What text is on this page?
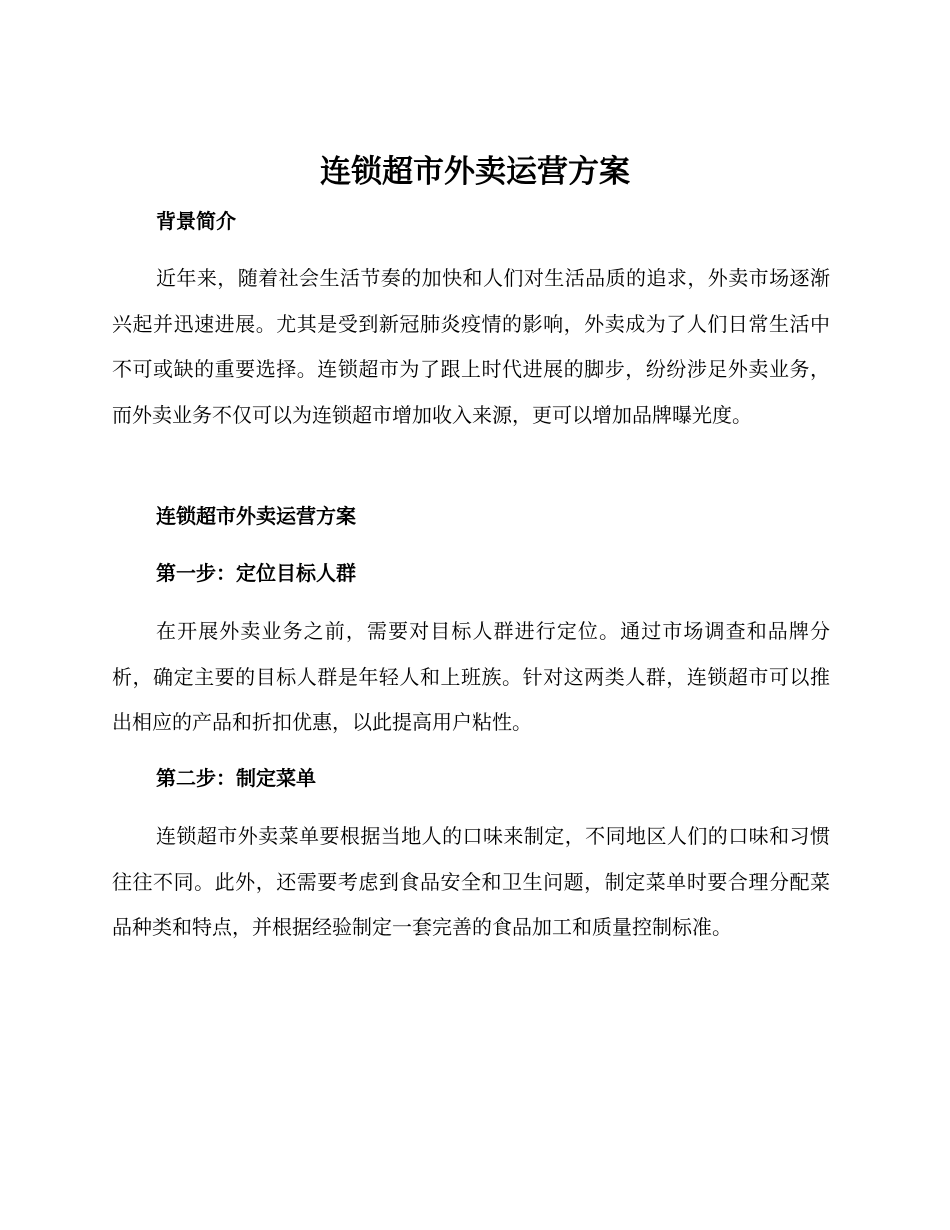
连锁超市外卖运营方案
背景简介

近年来，随着社会生活节奏的加快和人们对生活品质的追求，外卖市场逐渐兴起并迅速进展。尤其是受到新冠肺炎疫情的影响，外卖成为了人们日常生活中不可或缺的重要选择。连锁超市为了跟上时代进展的脚步，纷纷涉足外卖业务，而外卖业务不仅可以为连锁超市增加收入来源，更可以增加品牌曝光度。

连锁超市外卖运营方案
第一步：定位目标人群

在开展外卖业务之前，需要对目标人群进行定位。通过市场调查和品牌分析，确定主要的目标人群是年轻人和上班族。针对这两类人群，连锁超市可以推出相应的产品和折扣优惠，以此提高用户粘性。

第二步：制定菜单

连锁超市外卖菜单要根据当地人的口味来制定，不同地区人们的口味和习惯往往不同。此外，还需要考虑到食品安全和卫生问题，制定菜单时要合理分配菜品种类和特点，并根据经验制定一套完善的食品加工和质量控制标准。
